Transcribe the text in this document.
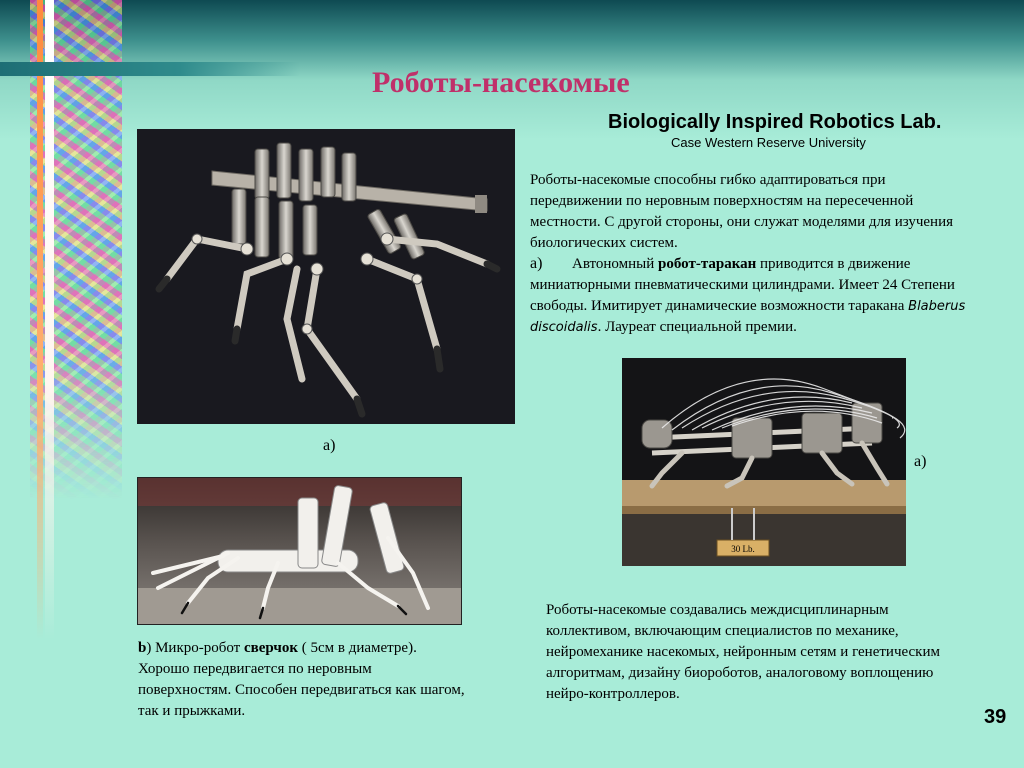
Роботы-насекомые
Biologically Inspired Robotics Lab.
Case Western Reserve University
а)
Роботы-насекомые способны гибко адаптироваться при передвижении по неровным поверхностям на пересеченной местности. С другой стороны, они служат моделями для изучения биологических систем.
а) Автономный робот-таракан приводится в движение миниатюрными пневматическими цилиндрами. Имеет 24 Степени свободы. Имитирует динамические возможности таракана Blaberus discoidalis. Лауреат специальной премии.
30 Lb.
а)
b) Микро-робот сверчок ( 5см в диаметре). Хорошо передвигается по неровным поверхностям. Способен передвигаться как шагом, так и прыжками.
Роботы-насекомые создавались междисциплинарным коллективом, включающим специалистов по механике, нейромеханике насекомых, нейронным сетям и генетическим алгоритмам, дизайну биороботов, аналоговому воплощению нейро-контроллеров.
39
